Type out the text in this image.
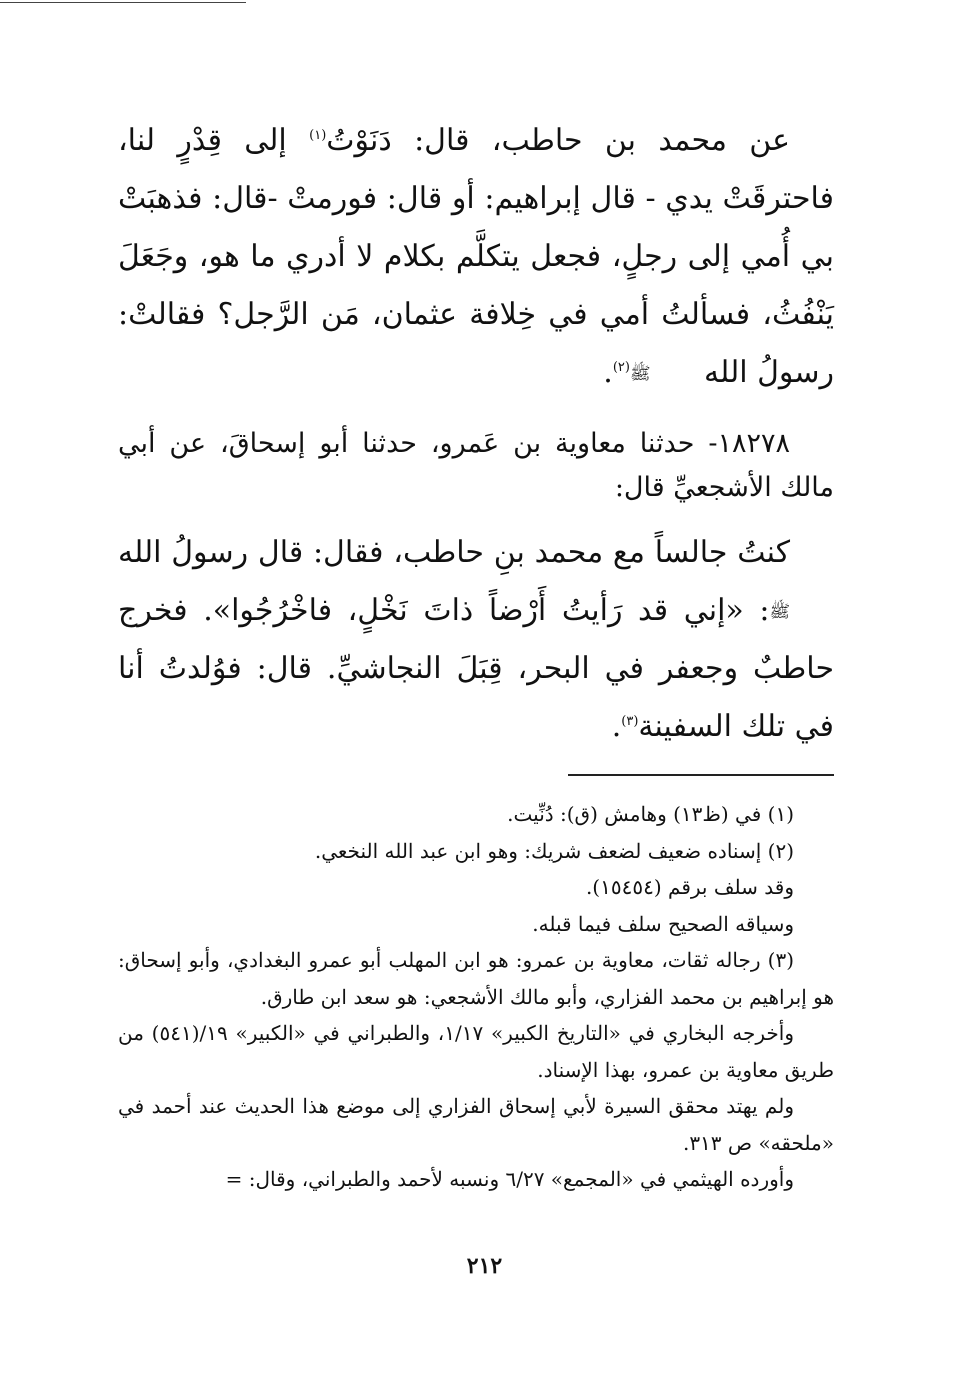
عن محمد بن حاطب، قال: دَنَوْتُ$^{(١)}$ إلى قِدْرٍ لنا، فاحترقَتْ يدي - قال إبراهيم: أو قال: فورمتْ -قال: فذهبَتْ بي أُمي إلى رجلٍ، فجعل يتكلَّم بكلام لا أدري ما هو، وجَعَلَ يَنْفُثُ، فسألتُ أمي في خِلافة عثمان، مَن الرَّجل؟ فقالتْ: رسولُ الله ﷺ$^{(٢)}$.

١٨٢٧٨- حدثنا معاوية بن عَمرو، حدثنا أبو إسحاقَ، عن أبي مالك الأشجعيِّ قال:

كنتُ جالساً مع محمد بنِ حاطب، فقال: قال رسولُ الله ﷺ: «إني قد رَأيتُ أَرْضاً ذاتَ نَخْلٍ، فاخْرُجُوا». فخرج حاطبٌ وجعفر في البحر، قِبَلَ النجاشيِّ. قال: فوُلدتُ أنا في تلك السفينة$^{(٣)}$.

(١) في (ظ١٣) وهامش (ق): دُنِّيت.

(٢) إسناده ضعيف لضعف شريك: وهو ابن عبد الله النخعي.

وقد سلف برقم (١٥٤٥٤).

وسياقه الصحيح سلف فيما قبله.

(٣) رجاله ثقات، معاوية بن عمرو: هو ابن المهلب أبو عمرو البغدادي، وأبو إسحاق: هو إبراهيم بن محمد الفزاري، وأبو مالك الأشجعي: هو سعد ابن طارق.

وأخرجه البخاري في «التاريخ الكبير» ١/١٧، والطبراني في «الكبير» ١٩/(٥٤١) من طريق معاوية بن عمرو، بهذا الإسناد.

ولم يهتد محقق السيرة لأبي إسحاق الفزاري إلى موضع هذا الحديث عند أحمد في «ملحقه» ص ٣١٣.

وأورده الهيثمي في «المجمع» ٦/٢٧ ونسبه لأحمد والطبراني، وقال: =

٢١٢
